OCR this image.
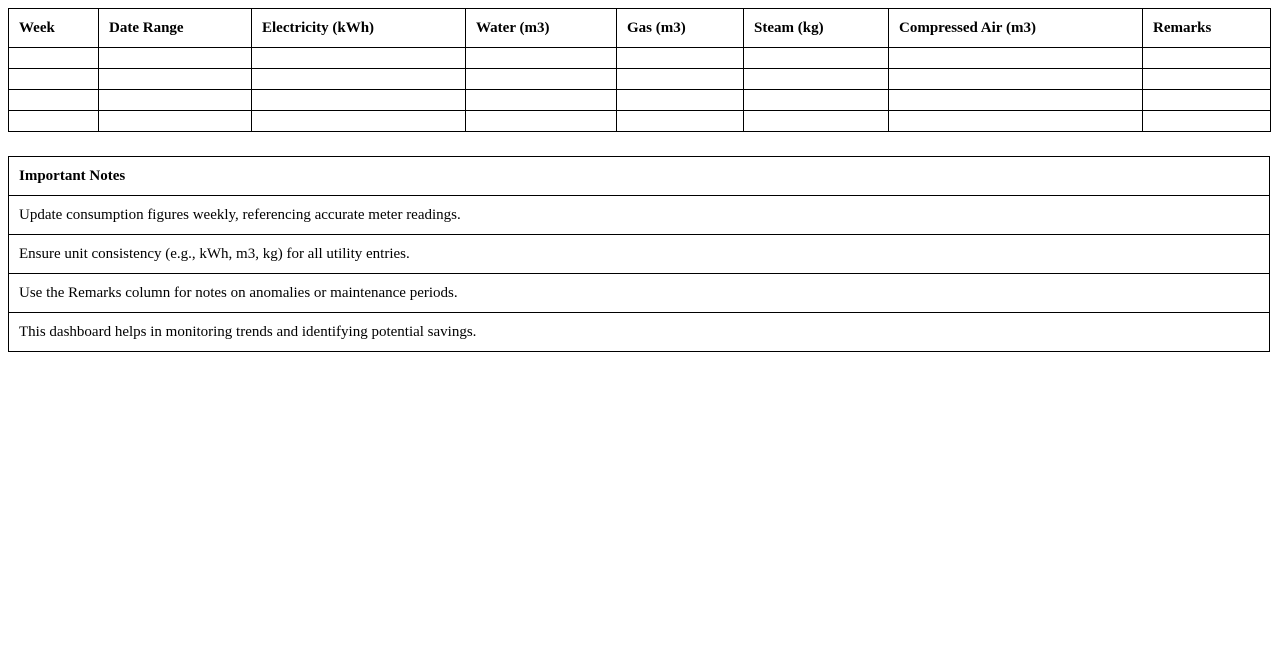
Week	Date Range	Electricity (kWh)	Water (m3)	Gas (m3)	Steam (kg)	Compressed Air (m3)	Remarks

Important Notes
Update consumption figures weekly, referencing accurate meter readings.
Ensure unit consistency (e.g., kWh, m3, kg) for all utility entries.
Use the Remarks column for notes on anomalies or maintenance periods.
This dashboard helps in monitoring trends and identifying potential savings.
